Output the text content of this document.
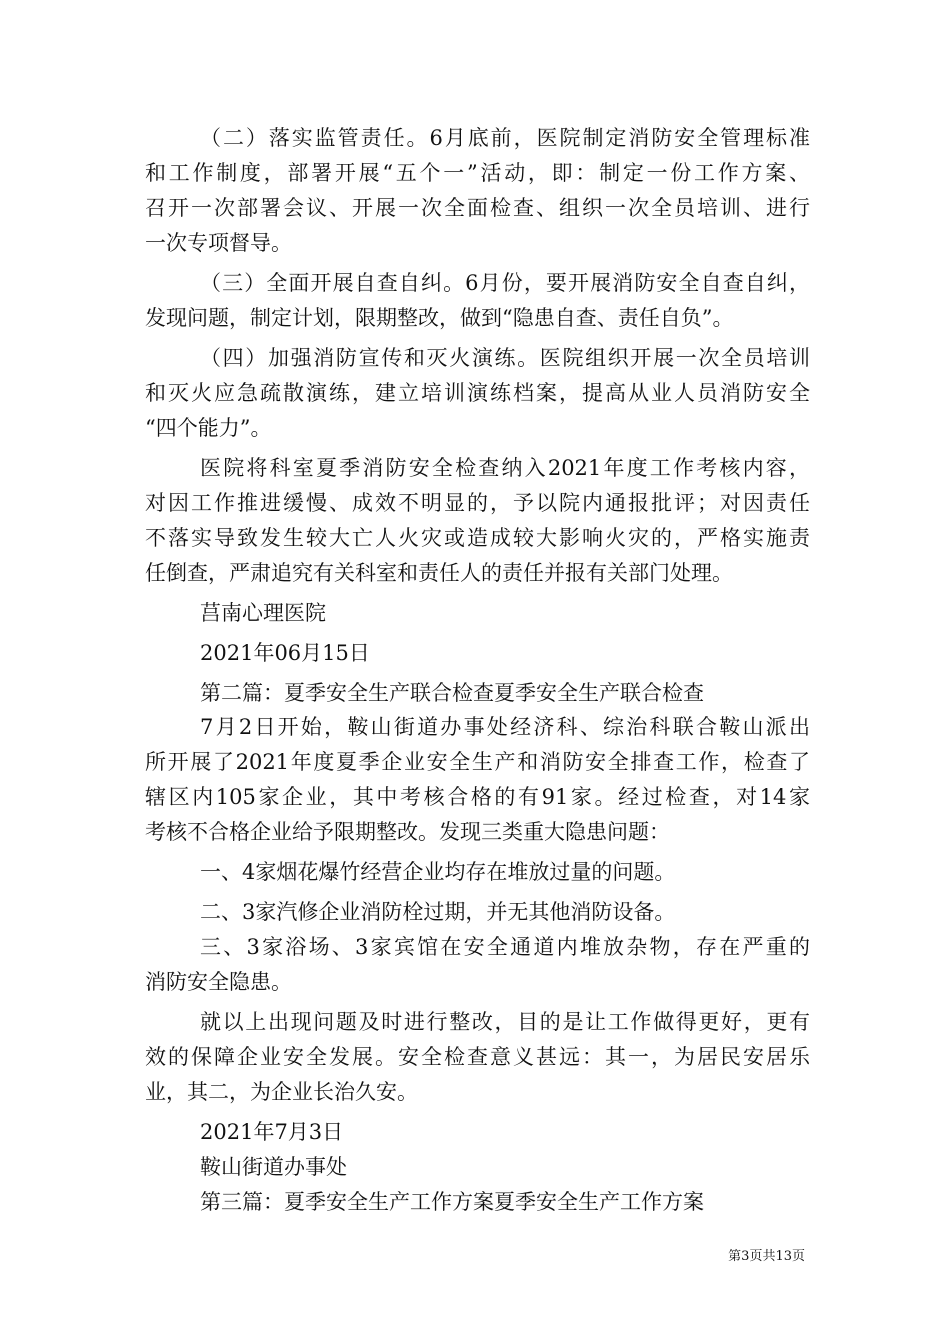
（二）落实监管责任。6月底前，医院制定消防安全管理标准
和工作制度，部署开展“五个一”活动，即：制定一份工作方案、
召开一次部署会议、开展一次全面检查、组织一次全员培训、进行
一次专项督导。
（三）全面开展自查自纠。6月份，要开展消防安全自查自纠，
发现问题，制定计划，限期整改，做到“隐患自查、责任自负”。
（四）加强消防宣传和灭火演练。医院组织开展一次全员培训
和灭火应急疏散演练，建立培训演练档案，提高从业人员消防安全
“四个能力”。
医院将科室夏季消防安全检查纳入2021年度工作考核内容，
对因工作推进缓慢、成效不明显的，予以院内通报批评；对因责任
不落实导致发生较大亡人火灾或造成较大影响火灾的，严格实施责
任倒查，严肃追究有关科室和责任人的责任并报有关部门处理。
莒南心理医院
2021年06月15日
第二篇：夏季安全生产联合检查夏季安全生产联合检查
7月2日开始，鞍山街道办事处经济科、综治科联合鞍山派出
所开展了2021年度夏季企业安全生产和消防安全排查工作，检查了
辖区内105家企业，其中考核合格的有91家。经过检查，对14家
考核不合格企业给予限期整改。发现三类重大隐患问题：
一、4家烟花爆竹经营企业均存在堆放过量的问题。
二、3家汽修企业消防栓过期，并无其他消防设备。
三、3家浴场、3家宾馆在安全通道内堆放杂物，存在严重的
消防安全隐患。
就以上出现问题及时进行整改，目的是让工作做得更好，更有
效的保障企业安全发展。安全检查意义甚远：其一，为居民安居乐
业，其二，为企业长治久安。
2021年7月3日
鞍山街道办事处
第三篇：夏季安全生产工作方案夏季安全生产工作方案
第3页共13页
